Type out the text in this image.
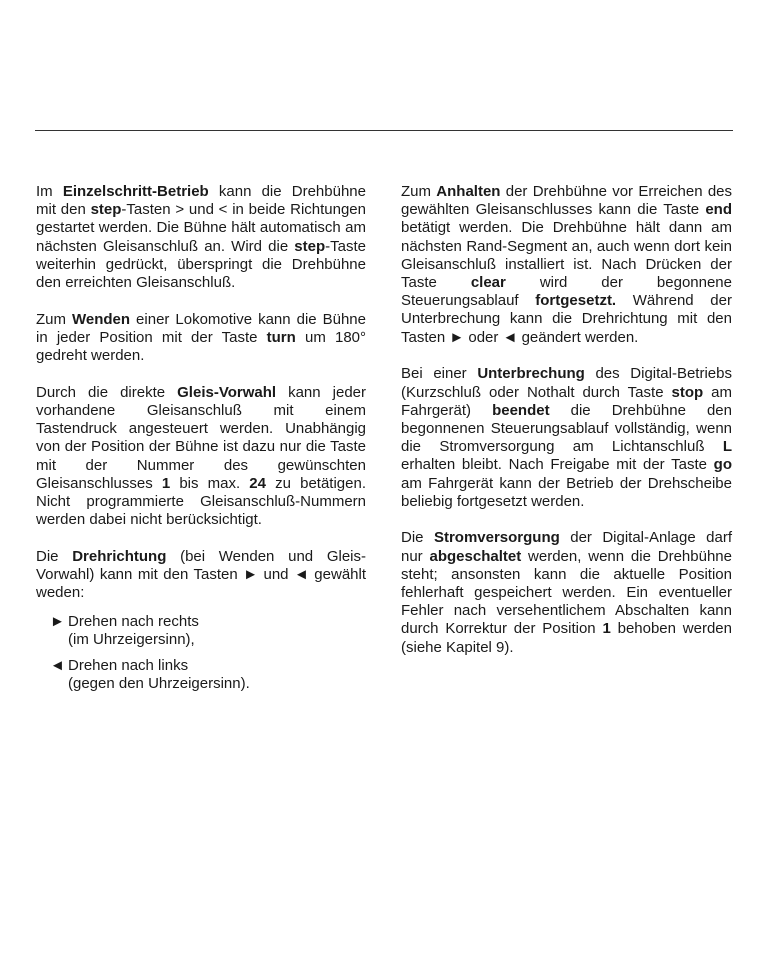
Im Einzelschritt-Betrieb kann die Drehbühne mit den step-Tasten > und < in beide Richtungen gestartet werden. Die Bühne hält automatisch am nächsten Gleisanschluß an. Wird die step-Taste weiterhin gedrückt, überspringt die Drehbühne den erreichten Gleisanschluß.

Zum Wenden einer Lokomotive kann die Bühne in jeder Position mit der Taste turn um 180° gedreht werden.

Durch die direkte Gleis-Vorwahl kann jeder vorhandene Gleisanschluß mit einem Tastendruck angesteuert werden. Unabhängig von der Position der Bühne ist dazu nur die Taste mit der Nummer des gewünschten Gleisanschlusses 1 bis max. 24 zu betätigen. Nicht programmierte Gleisanschluß-Nummern werden dabei nicht berücksichtigt.

Die Drehrichtung (bei Wenden und Gleis-Vorwahl) kann mit den Tasten ► und ◄ gewählt weden:

► Drehen nach rechts
(im Uhrzeigersinn),
◄ Drehen nach links
(gegen den Uhrzeigersinn).

Zum Anhalten der Drehbühne vor Erreichen des gewählten Gleisanschlusses kann die Taste end betätigt werden. Die Drehbühne hält dann am nächsten Rand-Segment an, auch wenn dort kein Gleisanschluß installiert ist. Nach Drücken der Taste clear wird der begonnene Steuerungsablauf fortgesetzt. Während der Unterbrechung kann die Drehrichtung mit den Tasten ► oder ◄ geändert werden.

Bei einer Unterbrechung des Digital-Betriebs (Kurzschluß oder Nothalt durch Taste stop am Fahrgerät) beendet die Drehbühne den begonnenen Steuerungsablauf vollständig, wenn die Stromversorgung am Lichtanschluß L erhalten bleibt. Nach Freigabe mit der Taste go am Fahrgerät kann der Betrieb der Drehscheibe beliebig fortgesetzt werden.

Die Stromversorgung der Digital-Anlage darf nur abgeschaltet werden, wenn die Drehbühne steht; ansonsten kann die aktuelle Position fehlerhaft gespeichert werden. Ein eventueller Fehler nach versehentlichem Abschalten kann durch Korrektur der Position 1 behoben werden (siehe Kapitel 9).
